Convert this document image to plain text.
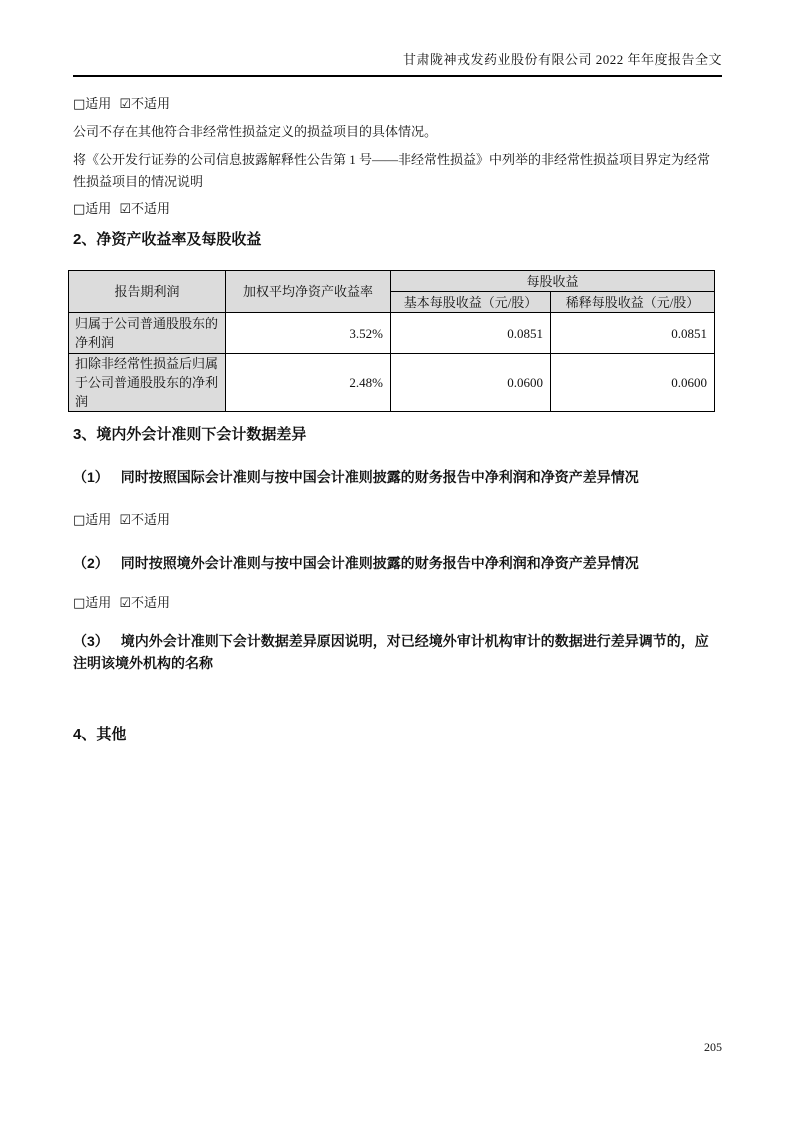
甘肃陇神戎发药业股份有限公司 2022 年年度报告全文

□适用 ☑不适用

公司不存在其他符合非经常性损益定义的损益项目的具体情况。

将《公开发行证券的公司信息披露解释性公告第 1 号——非经常性损益》中列举的非经常性损益项目界定为经常性损益项目的情况说明

□适用 ☑不适用

2、净资产收益率及每股收益

报告期利润	加权平均净资产收益率	每股收益	
		基本每股收益（元/股）	稀释每股收益（元/股）
归属于公司普通股股东的净利润	3.52%	0.0851	0.0851
扣除非经常性损益后归属于公司普通股股东的净利润	2.48%	0.0600	0.0600

3、境内外会计准则下会计数据差异

（1） 同时按照国际会计准则与按中国会计准则披露的财务报告中净利润和净资产差异情况

□适用 ☑不适用

（2） 同时按照境外会计准则与按中国会计准则披露的财务报告中净利润和净资产差异情况

□适用 ☑不适用

（3） 境内外会计准则下会计数据差异原因说明，对已经境外审计机构审计的数据进行差异调节的，应注明该境外机构的名称

4、其他

205
